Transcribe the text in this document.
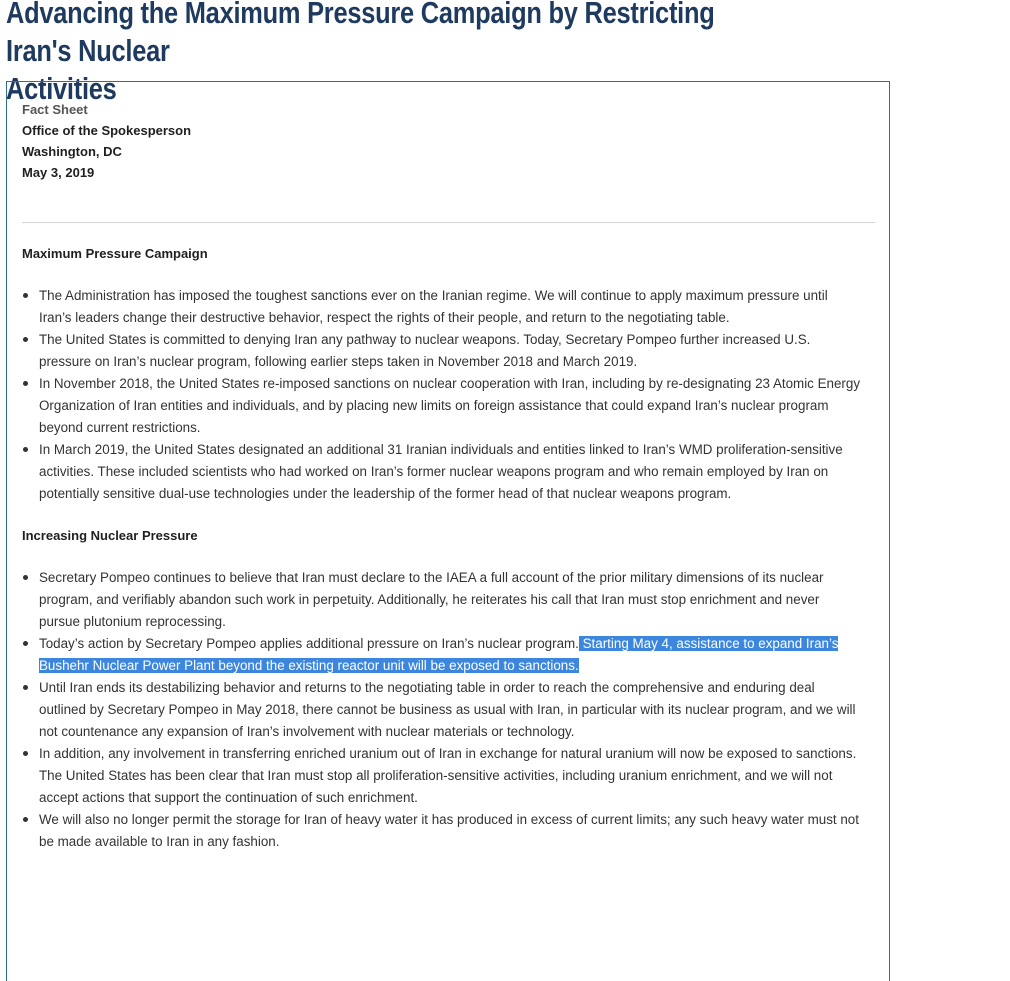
Advancing the Maximum Pressure Campaign by Restricting Iran's Nuclear
Activities
Fact Sheet
Office of the Spokesperson
Washington, DC
May 3, 2019
Maximum Pressure Campaign
The Administration has imposed the toughest sanctions ever on the Iranian regime. We will continue to apply maximum pressure until Iran’s leaders change their destructive behavior, respect the rights of their people, and return to the negotiating table.
The United States is committed to denying Iran any pathway to nuclear weapons. Today, Secretary Pompeo further increased U.S. pressure on Iran’s nuclear program, following earlier steps taken in November 2018 and March 2019.
In November 2018, the United States re-imposed sanctions on nuclear cooperation with Iran, including by re-designating 23 Atomic Energy Organization of Iran entities and individuals, and by placing new limits on foreign assistance that could expand Iran’s nuclear program beyond current restrictions.
In March 2019, the United States designated an additional 31 Iranian individuals and entities linked to Iran’s WMD proliferation-sensitive activities. These included scientists who had worked on Iran’s former nuclear weapons program and who remain employed by Iran on potentially sensitive dual-use technologies under the leadership of the former head of that nuclear weapons program.
Increasing Nuclear Pressure
Secretary Pompeo continues to believe that Iran must declare to the IAEA a full account of the prior military dimensions of its nuclear program, and verifiably abandon such work in perpetuity. Additionally, he reiterates his call that Iran must stop enrichment and never pursue plutonium reprocessing.
Today’s action by Secretary Pompeo applies additional pressure on Iran’s nuclear program. Starting May 4, assistance to expand Iran’s Bushehr Nuclear Power Plant beyond the existing reactor unit will be exposed to sanctions.
Until Iran ends its destabilizing behavior and returns to the negotiating table in order to reach the comprehensive and enduring deal outlined by Secretary Pompeo in May 2018, there cannot be business as usual with Iran, in particular with its nuclear program, and we will not countenance any expansion of Iran’s involvement with nuclear materials or technology.
In addition, any involvement in transferring enriched uranium out of Iran in exchange for natural uranium will now be exposed to sanctions. The United States has been clear that Iran must stop all proliferation-sensitive activities, including uranium enrichment, and we will not accept actions that support the continuation of such enrichment.
We will also no longer permit the storage for Iran of heavy water it has produced in excess of current limits; any such heavy water must not be made available to Iran in any fashion.
